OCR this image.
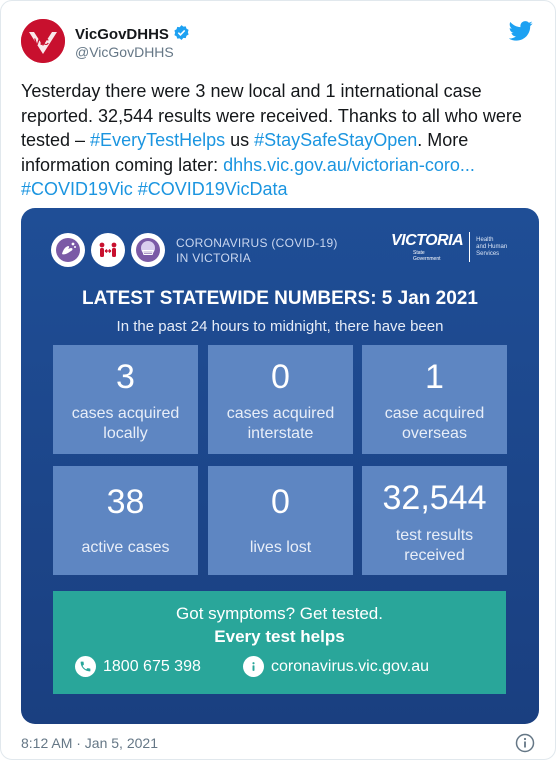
VIC VicGovDHHS
@VicGovDHHS
Yesterday there were 3 new local and 1 international case reported. 32,544 results were received. Thanks to all who were tested – #EveryTestHelps us #StaySafeStayOpen. More information coming later: dhhs.vic.gov.au/victorian-coro... #COVID19Vic #COVID19VicData
CORONAVIRUS (COVID-19)
IN VICTORIA
VICTORIA
State
Government
Health
and Human
Services
LATEST STATEWIDE NUMBERS: 5 Jan 2021
In the past 24 hours to midnight, there have been
3
cases acquired
locally
0
cases acquired
interstate
1
case acquired
overseas
38
active cases
0
lives lost
32,544
test results
received
Got symptoms? Get tested.
Every test helps
1800 675 398	coronavirus.vic.gov.au
8:12 AM · Jan 5, 2021
